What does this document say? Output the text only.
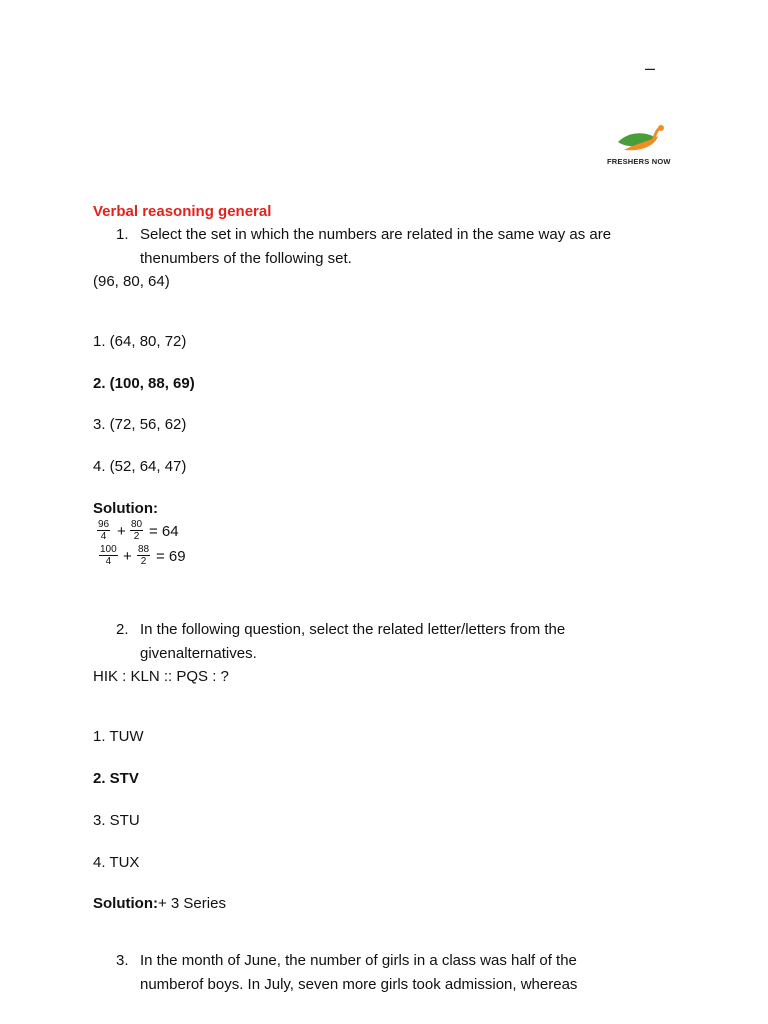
–
FRESHERS NOW
Verbal reasoning general
1. Select the set in which the numbers are related in the same way as are
thenumbers of the following set.
(96, 80, 64)
1. (64, 80, 72)
2. (100, 88, 69)
3. (72, 56, 62)
4. (52, 64, 47)
Solution:
$\frac{96}{4} + \frac{80}{2} = 64$
$\frac{100}{4} + \frac{88}{2} = 69$
2. In the following question, select the related letter/letters from the
givenalternatives.
HIK : KLN :: PQS : ?
1. TUW
2. STV
3. STU
4. TUX
Solution:+ 3 Series
3. In the month of June, the number of girls in a class was half of the
numberof boys. In July, seven more girls took admission, whereas
